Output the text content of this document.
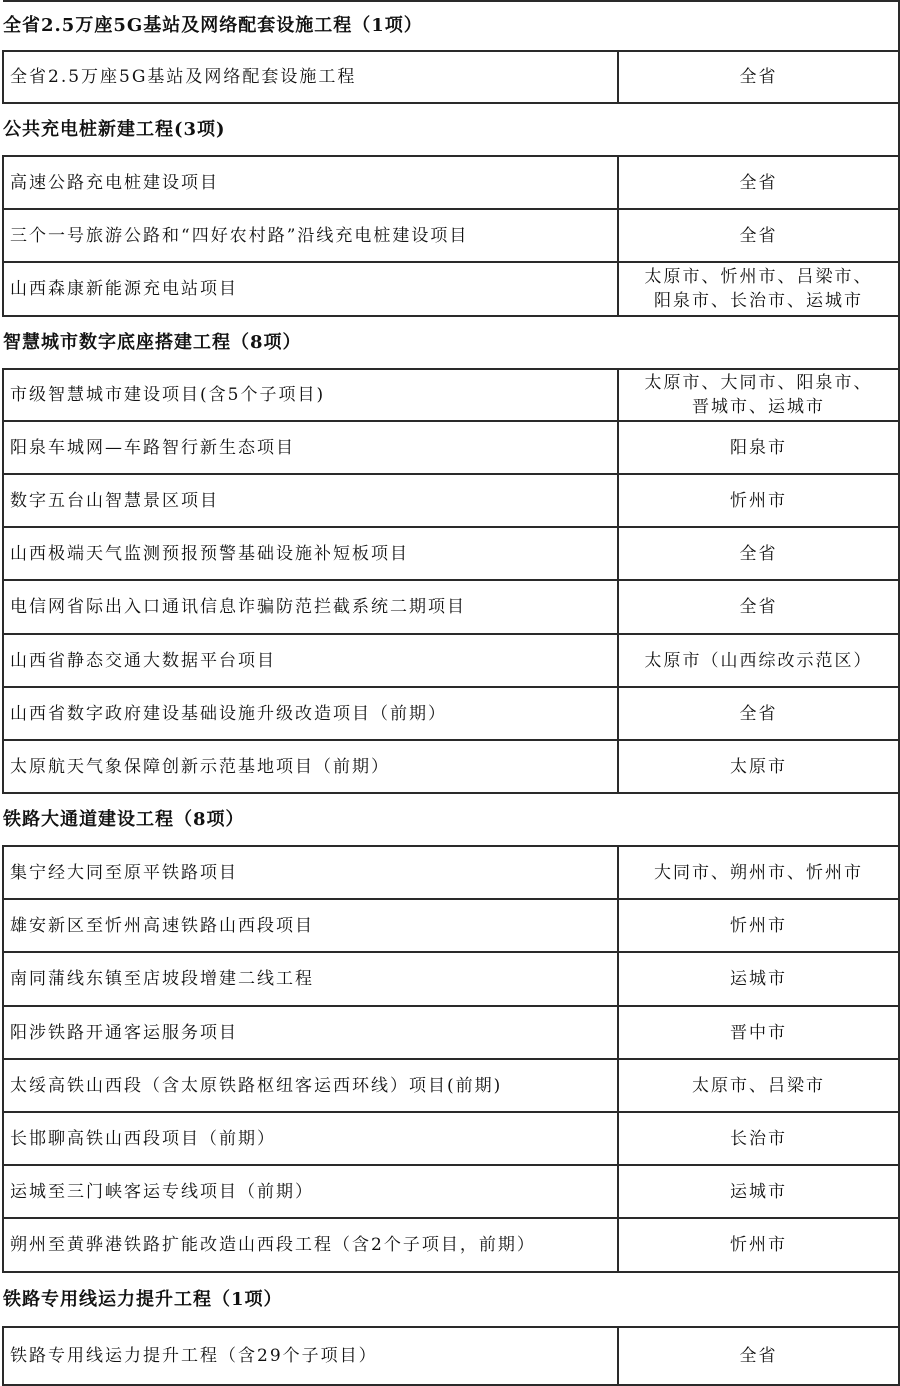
全省2.5万座5G基站及网络配套设施工程（1项）	
全省2.5万座5G基站及网络配套设施工程	全省

公共充电桩新建工程(3项)	
高速公路充电桩建设项目	全省

三个一号旅游公路和“四好农村路”沿线充电桩建设项目	全省

山西森康新能源充电站项目	太原市、忻州市、吕梁市、
阳泉市、长治市、运城市

智慧城市数字底座搭建工程（8项）	
市级智慧城市建设项目(含5个子项目)	太原市、大同市、阳泉市、
晋城市、运城市

阳泉车城网—车路智行新生态项目	阳泉市

数字五台山智慧景区项目	忻州市

山西极端天气监测预报预警基础设施补短板项目	全省

电信网省际出入口通讯信息诈骗防范拦截系统二期项目	全省

山西省静态交通大数据平台项目	太原市（山西综改示范区）

山西省数字政府建设基础设施升级改造项目（前期）	全省

太原航天气象保障创新示范基地项目（前期）	太原市

铁路大通道建设工程（8项）	
集宁经大同至原平铁路项目	大同市、朔州市、忻州市

雄安新区至忻州高速铁路山西段项目	忻州市

南同蒲线东镇至店坡段增建二线工程	运城市

阳涉铁路开通客运服务项目	晋中市

太绥高铁山西段（含太原铁路枢纽客运西环线）项目(前期)	太原市、吕梁市

长邯聊高铁山西段项目（前期）	长治市

运城至三门峡客运专线项目（前期）	运城市

朔州至黄骅港铁路扩能改造山西段工程（含2个子项目，前期）	忻州市

铁路专用线运力提升工程（1项）	
铁路专用线运力提升工程（含29个子项目）	全省
